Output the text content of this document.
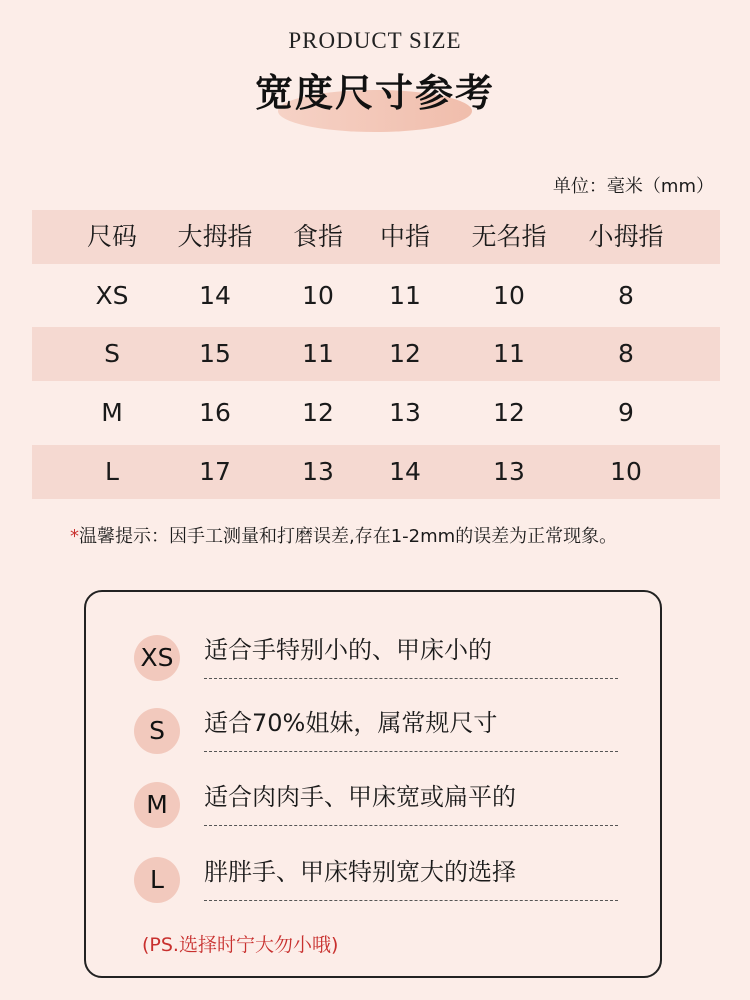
PRODUCT SIZE
宽度尺寸参考
单位：毫米（mm）
尺码	大拇指	食指	中指	无名指	小拇指
XS	14	10	11	10	8
S	15	11	12	11	8
M	16	12	13	12	9
L	17	13	14	13	10
*温馨提示：因手工测量和打磨误差,存在1-2mm的误差为正常现象。
XS 适合手特别小的、甲床小的
S	适合70%姐妹，属常规尺寸
M	适合肉肉手、甲床宽或扁平的
L	胖胖手、甲床特别宽大的选择
(PS.选择时宁大勿小哦)
